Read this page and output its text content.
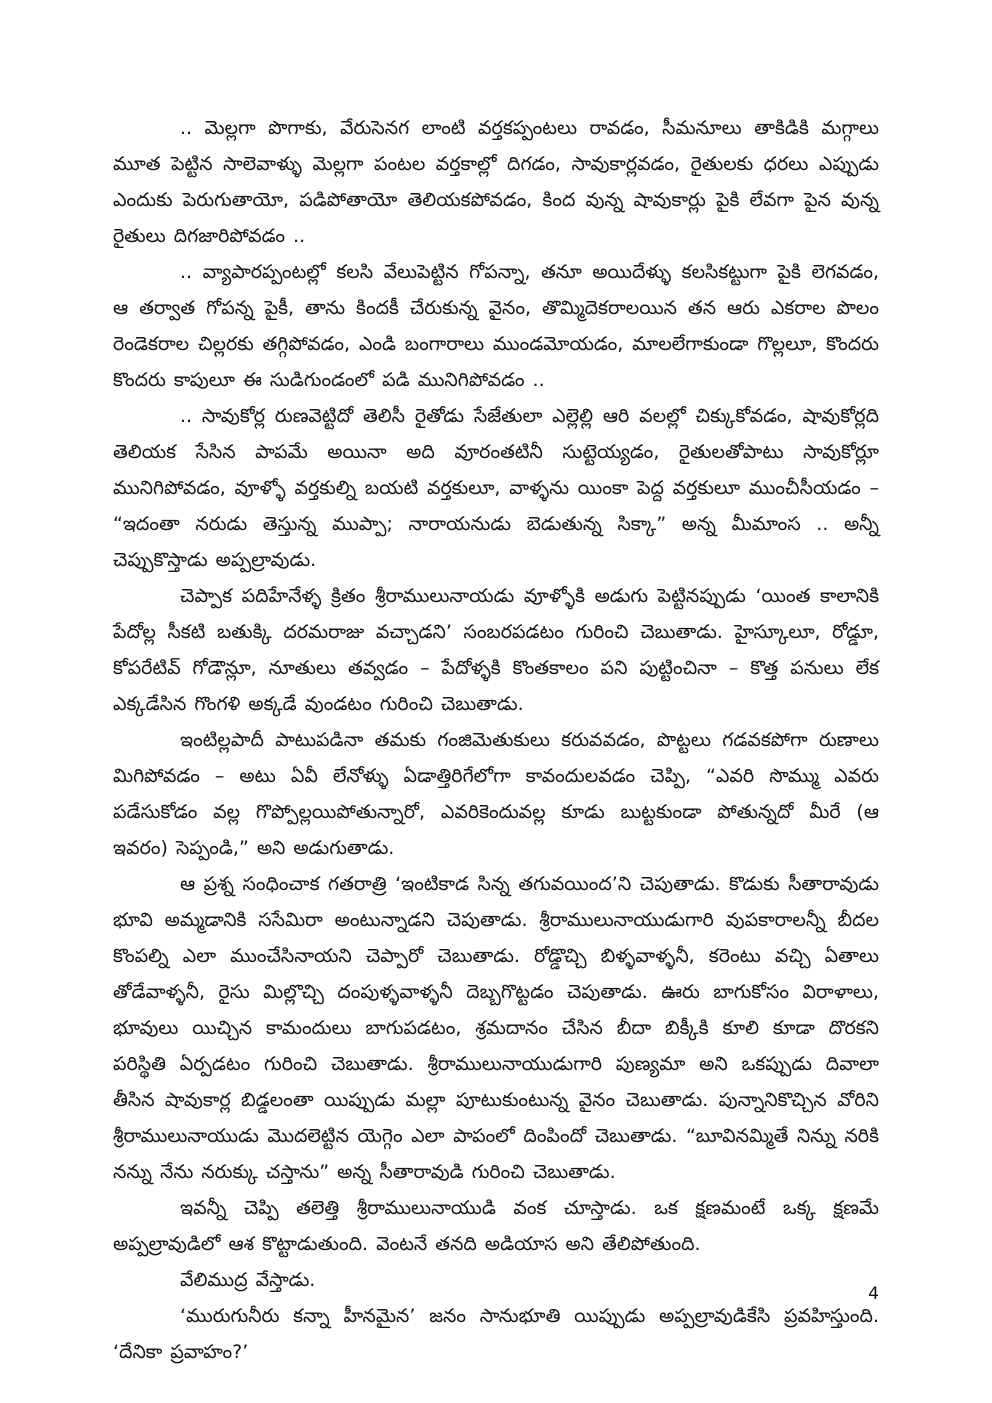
.. మెల్లగా పొగాకు, వేరుసెనగ లాంటి వర్తకప్పంటలు రావడం, సీమనూలు తాకిడికి మగ్గాలు మూత పెట్టిన సాలెవాళ్ళు మెల్లగా పంటల వర్తకాల్లో దిగడం, సావుకార్లవడం, రైతులకు ధరలు ఎప్పుడు ఎందుకు పెరుగుతాయో, పడిపోతాయో తెలియకపోవడం, కింద వున్న షావుకార్లు పైకి లేవగా పైన వున్న రైతులు దిగజారిపోవడం ..

.. వ్యాపారప్పంటల్లో కలసి వేలుపెట్టిన గోపన్నా, తనూ అయిదేళ్ళు కలసికట్టుగా పైకి లెగవడం, ఆ తర్వాత గోపన్న పైకీ, తాను కిందకీ చేరుకున్న వైనం, తొమ్మిదెకరాలయిన తన ఆరు ఎకరాల పొలం రెండెకరాల చిల్లరకు తగ్గిపోవడం, ఎండి బంగారాలు ముండమోయడం, మాలలేగాకుండా గొల్లలూ, కొందరు కొందరు కాపులూ ఈ సుడిగుండంలో పడి మునిగిపోవడం ..

.. సావుకోర్ల రుణవెట్టిదో తెలిసీ రైతోడు సేజేతులా ఎల్లెల్లి ఆరి వలల్లో చిక్కుకోవడం, షావుకోర్లది తెలియక సేసిన పాపమే అయినా అది వూరంతటినీ సుట్టెయ్యడం, రైతులతోపాటు సావుకోర్లూ మునిగిపోవడం, వూళ్ళో వర్తకుల్ని బయటి వర్తకులూ, వాళ్ళను యింకా పెద్ద వర్తకులూ ముంచీసీయడం – “ఇదంతా నరుడు తెస్తున్న ముప్పా; నారాయనుడు బెడుతున్న సిక్కా” అన్న మీమాంస .. అన్నీ చెప్పుకొస్తాడు అప్పల్రావుడు.

చెప్పాక పదిహేనేళ్ళ క్రితం శ్రీరాములునాయడు వూళ్ళోకి అడుగు పెట్టినప్పుడు ‘యింత కాలానికి పేదోల్ల సీకటి బతుక్కి దరమరాజు వచ్చాడని’ సంబరపడటం గురించి చెబుతాడు. హైస్కూలూ, రోడ్డూ, కోపరేటివ్ గోడౌన్లూ, నూతులు తవ్వడం – పేదోళ్ళకి కొంతకాలం పని పుట్టించినా – కొత్త పనులు లేక ఎక్కడేసిన గొంగళి అక్కడే వుండటం గురించి చెబుతాడు.

ఇంటిల్లపాదీ పాటుపడినా తమకు గంజిమెతుకులు కరువవడం, పొట్టలు గడవకపోగా రుణాలు మిగిపోవడం – అటు ఏవీ లేనోళ్ళు ఏడాత్తిరిగేలోగా కావందులవడం చెప్పి, “ఎవరి సొమ్ము ఎవరు పడేసుకోడం వల్ల గొప్పోల్లయిపోతున్నారో, ఎవరికెందువల్ల కూడు బుట్టకుండా పోతున్నదో మీరే (ఆ ఇవరం) సెప్పండి,” అని అడుగుతాడు.

ఆ ప్రశ్న సంధించాక గతరాత్రి ‘ఇంటికాడ సిన్న తగువయింద’ని చెపుతాడు. కొడుకు సీతారావుడు భూవి అమ్మడానికి ససేమిరా అంటున్నాడని చెపుతాడు. శ్రీరాములునాయుడుగారి వుపకారాలన్నీ బీదల కొంపల్ని ఎలా ముంచేసినాయని చెప్పారో చెబుతాడు. రోడ్డొచ్చి బిళ్ళవాళ్ళనీ, కరెంటు వచ్చి ఏతాలు తోడేవాళ్ళనీ, రైసు మిల్లొచ్చి దంపుళ్ళవాళ్ళనీ దెబ్బగొట్టడం చెపుతాడు. ఊరు బాగుకోసం విరాళాలు, భూవులు యిచ్చిన కామందులు బాగుపడటం, శ్రమదానం చేసిన బీదా బిక్కీకి కూలి కూడా దొరకని పరిస్థితి ఏర్పడటం గురించి చెబుతాడు. శ్రీరాములునాయుడుగారి పుణ్యమా అని ఒకప్పుడు దివాలా తీసిన షావుకార్ల బిడ్డలంతా యిప్పుడు మల్లా పూటుకుంటున్న వైనం చెబుతాడు. పున్నానికొచ్చిన వోరిని శ్రీరాములునాయుడు మొదలెట్టిన యెగ్గెం ఎలా పాపంలో దింపిందో చెబుతాడు. “బూవినమ్మితే నిన్ను నరికి నన్ను నేను నరుక్కు చస్తాను” అన్న సీతారావుడి గురించి చెబుతాడు.

ఇవన్నీ చెప్పి తలెత్తి శ్రీరాములునాయుడి వంక చూస్తాడు. ఒక క్షణమంటే ఒక్క క్షణమే అప్పల్రావుడిలో ఆశ కొట్టాడుతుంది. వెంటనే తనది అడియాస అని తేలిపోతుంది.

వేలిముద్ర వేస్తాడు.

‘మురుగునీరు కన్నా హీనమైన’ జనం సానుభూతి యిప్పుడు అప్పల్రావుడికేసి ప్రవహిస్తుంది. ‘దేనికా ప్రవాహం?’

4
